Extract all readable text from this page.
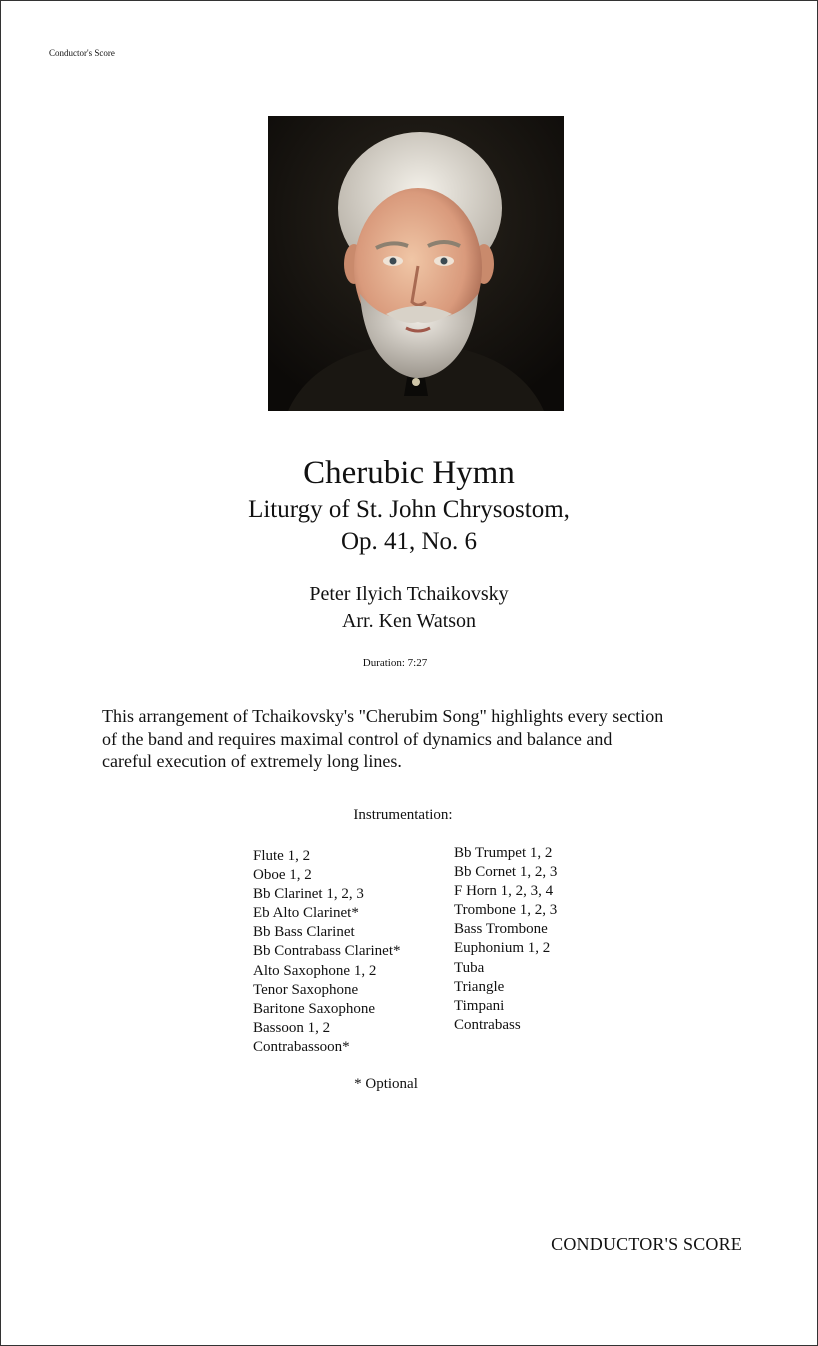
Conductor's Score
Cherubic Hymn
Liturgy of St. John Chrysostom,
Op. 41, No. 6
Peter Ilyich Tchaikovsky
Arr. Ken Watson
Duration: 7:27
This arrangement of Tchaikovsky's "Cherubim Song" highlights every section
of the band and requires maximal control of dynamics and balance and
careful execution of extremely long lines.
Instrumentation:
Flute 1, 2
Oboe 1, 2
Bb Clarinet 1, 2, 3
Eb Alto Clarinet*
Bb Bass Clarinet
Bb Contrabass Clarinet*
Alto Saxophone 1, 2
Tenor Saxophone
Baritone Saxophone
Bassoon 1, 2
Contrabassoon*
Bb Trumpet 1, 2
Bb Cornet 1, 2, 3
F Horn 1, 2, 3, 4
Trombone 1, 2, 3
Bass Trombone
Euphonium 1, 2
Tuba
Triangle
Timpani
Contrabass
* Optional
CONDUCTOR'S SCORE
